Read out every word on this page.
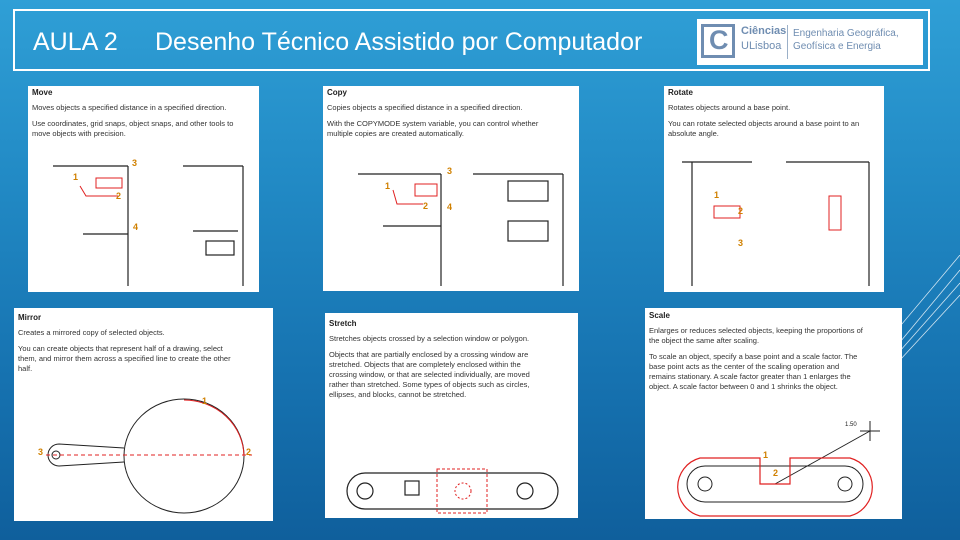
AULA 2 Desenho Técnico Assistido por Computador C Ciências
ULisboa
Engenharia Geográfica,
Geofísica e Energia
Move
Moves objects a specified distance in a specified direction.
Use coordinates, grid snaps, object snaps, and other tools to
move objects with precision.
1
2
3
4
Copy
Copies objects a specified distance in a specified direction.
With the COPYMODE system variable, you can control whether
multiple copies are created automatically.
1
2
3
4
Rotate
Rotates objects around a base point.
You can rotate selected objects around a base point to an
absolute angle.
1
2
3
Mirror
Creates a mirrored copy of selected objects.
You can create objects that represent half of a drawing, select
them, and mirror them across a specified line to create the other
half.
1
2
3
Stretch
Stretches objects crossed by a selection window or polygon.
Objects that are partially enclosed by a crossing window are
stretched. Objects that are completely enclosed within the
crossing window, or that are selected individually, are moved
rather than stretched. Some types of objects such as circles,
ellipses, and blocks, cannot be stretched.
Scale
Enlarges or reduces selected objects, keeping the proportions of
the object the same after scaling.
To scale an object, specify a base point and a scale factor. The
base point acts as the center of the scaling operation and
remains stationary. A scale factor greater than 1 enlarges the
object. A scale factor between 0 and 1 shrinks the object.
1.50
1
2
